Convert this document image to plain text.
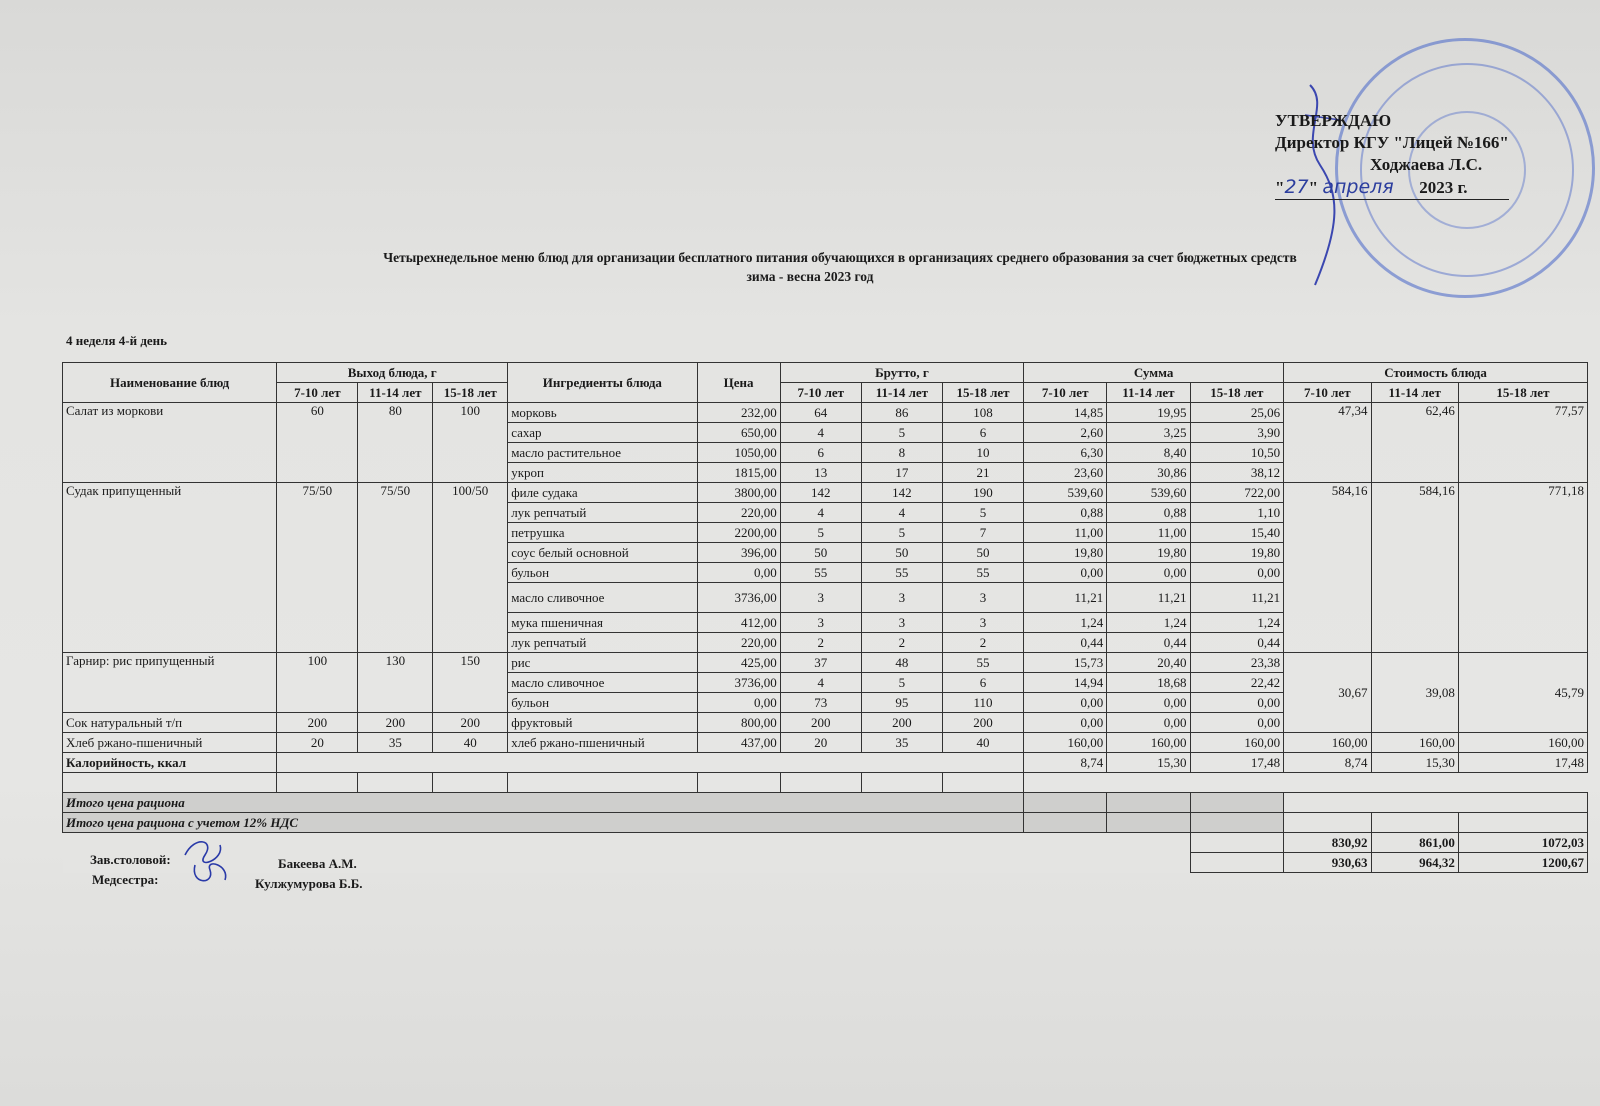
УТВЕРЖДАЮ
Директор КГУ "Лицей №166"
Ходжаева Л.С.
"27" апреля 2023 г.
Четырехнедельное меню блюд для организации бесплатного питания обучающихся в организациях среднего образования за счет бюджетных средств
зима - весна 2023 год
4 неделя 4-й день
Наименование блюд	Выход блюда, г			Ингредиенты блюда	Цена	Брутто, г			Сумма			Стоимость блюда		
	7-10 лет	11-14 лет	15-18 лет			7-10 лет	11-14 лет	15-18 лет	7-10 лет	11-14 лет	15-18 лет	7-10 лет	11-14 лет	15-18 лет
Салат из моркови	60	80	100	морковь	232,00	64	86	108	14,85	19,95	25,06	47,34	62,46	77,57
				сахар	650,00	4	5	6	2,60	3,25	3,90			
				масло растительное	1050,00	6	8	10	6,30	8,40	10,50			
				укроп	1815,00	13	17	21	23,60	30,86	38,12			
Судак припущенный	75/50	75/50	100/50	филе судака	3800,00	142	142	190	539,60	539,60	722,00	584,16	584,16	771,18
				лук репчатый	220,00	4	4	5	0,88	0,88	1,10			
				петрушка	2200,00	5	5	7	11,00	11,00	15,40			
				соус белый основной	396,00	50	50	50	19,80	19,80	19,80			
				бульон	0,00	55	55	55	0,00	0,00	0,00			
				масло сливочное	3736,00	3	3	3	11,21	11,21	11,21			
				мука пшеничная	412,00	3	3	3	1,24	1,24	1,24			
				лук репчатый	220,00	2	2	2	0,44	0,44	0,44			
Гарнир: рис припущенный	100	130	150	рис	425,00	37	48	55	15,73	20,40	23,38	30,67	39,08	45,79
				масло сливочное	3736,00	4	5	6	14,94	18,68	22,42			
				бульон	0,00	73	95	110	0,00	0,00	0,00			
Сок натуральный т/п	200	200	200	фруктовый	800,00	200	200	200	0,00	0,00	0,00			
Хлеб ржано-пшеничный	20	35	40	хлеб ржано-пшеничный	437,00	20	35	40	160,00	160,00	160,00	160,00	160,00	160,00
Калорийность, ккал									8,74	15,30	17,48	8,74	15,30	17,48

Итого цена рациона														
Итого цена рациона с учетом 12% НДС														
												830,92	861,00	1072,03
												930,63	964,32	1200,67
Зав.столовой:	Бакеева А.М.
Медсестра:	Кулжумурова Б.Б.
